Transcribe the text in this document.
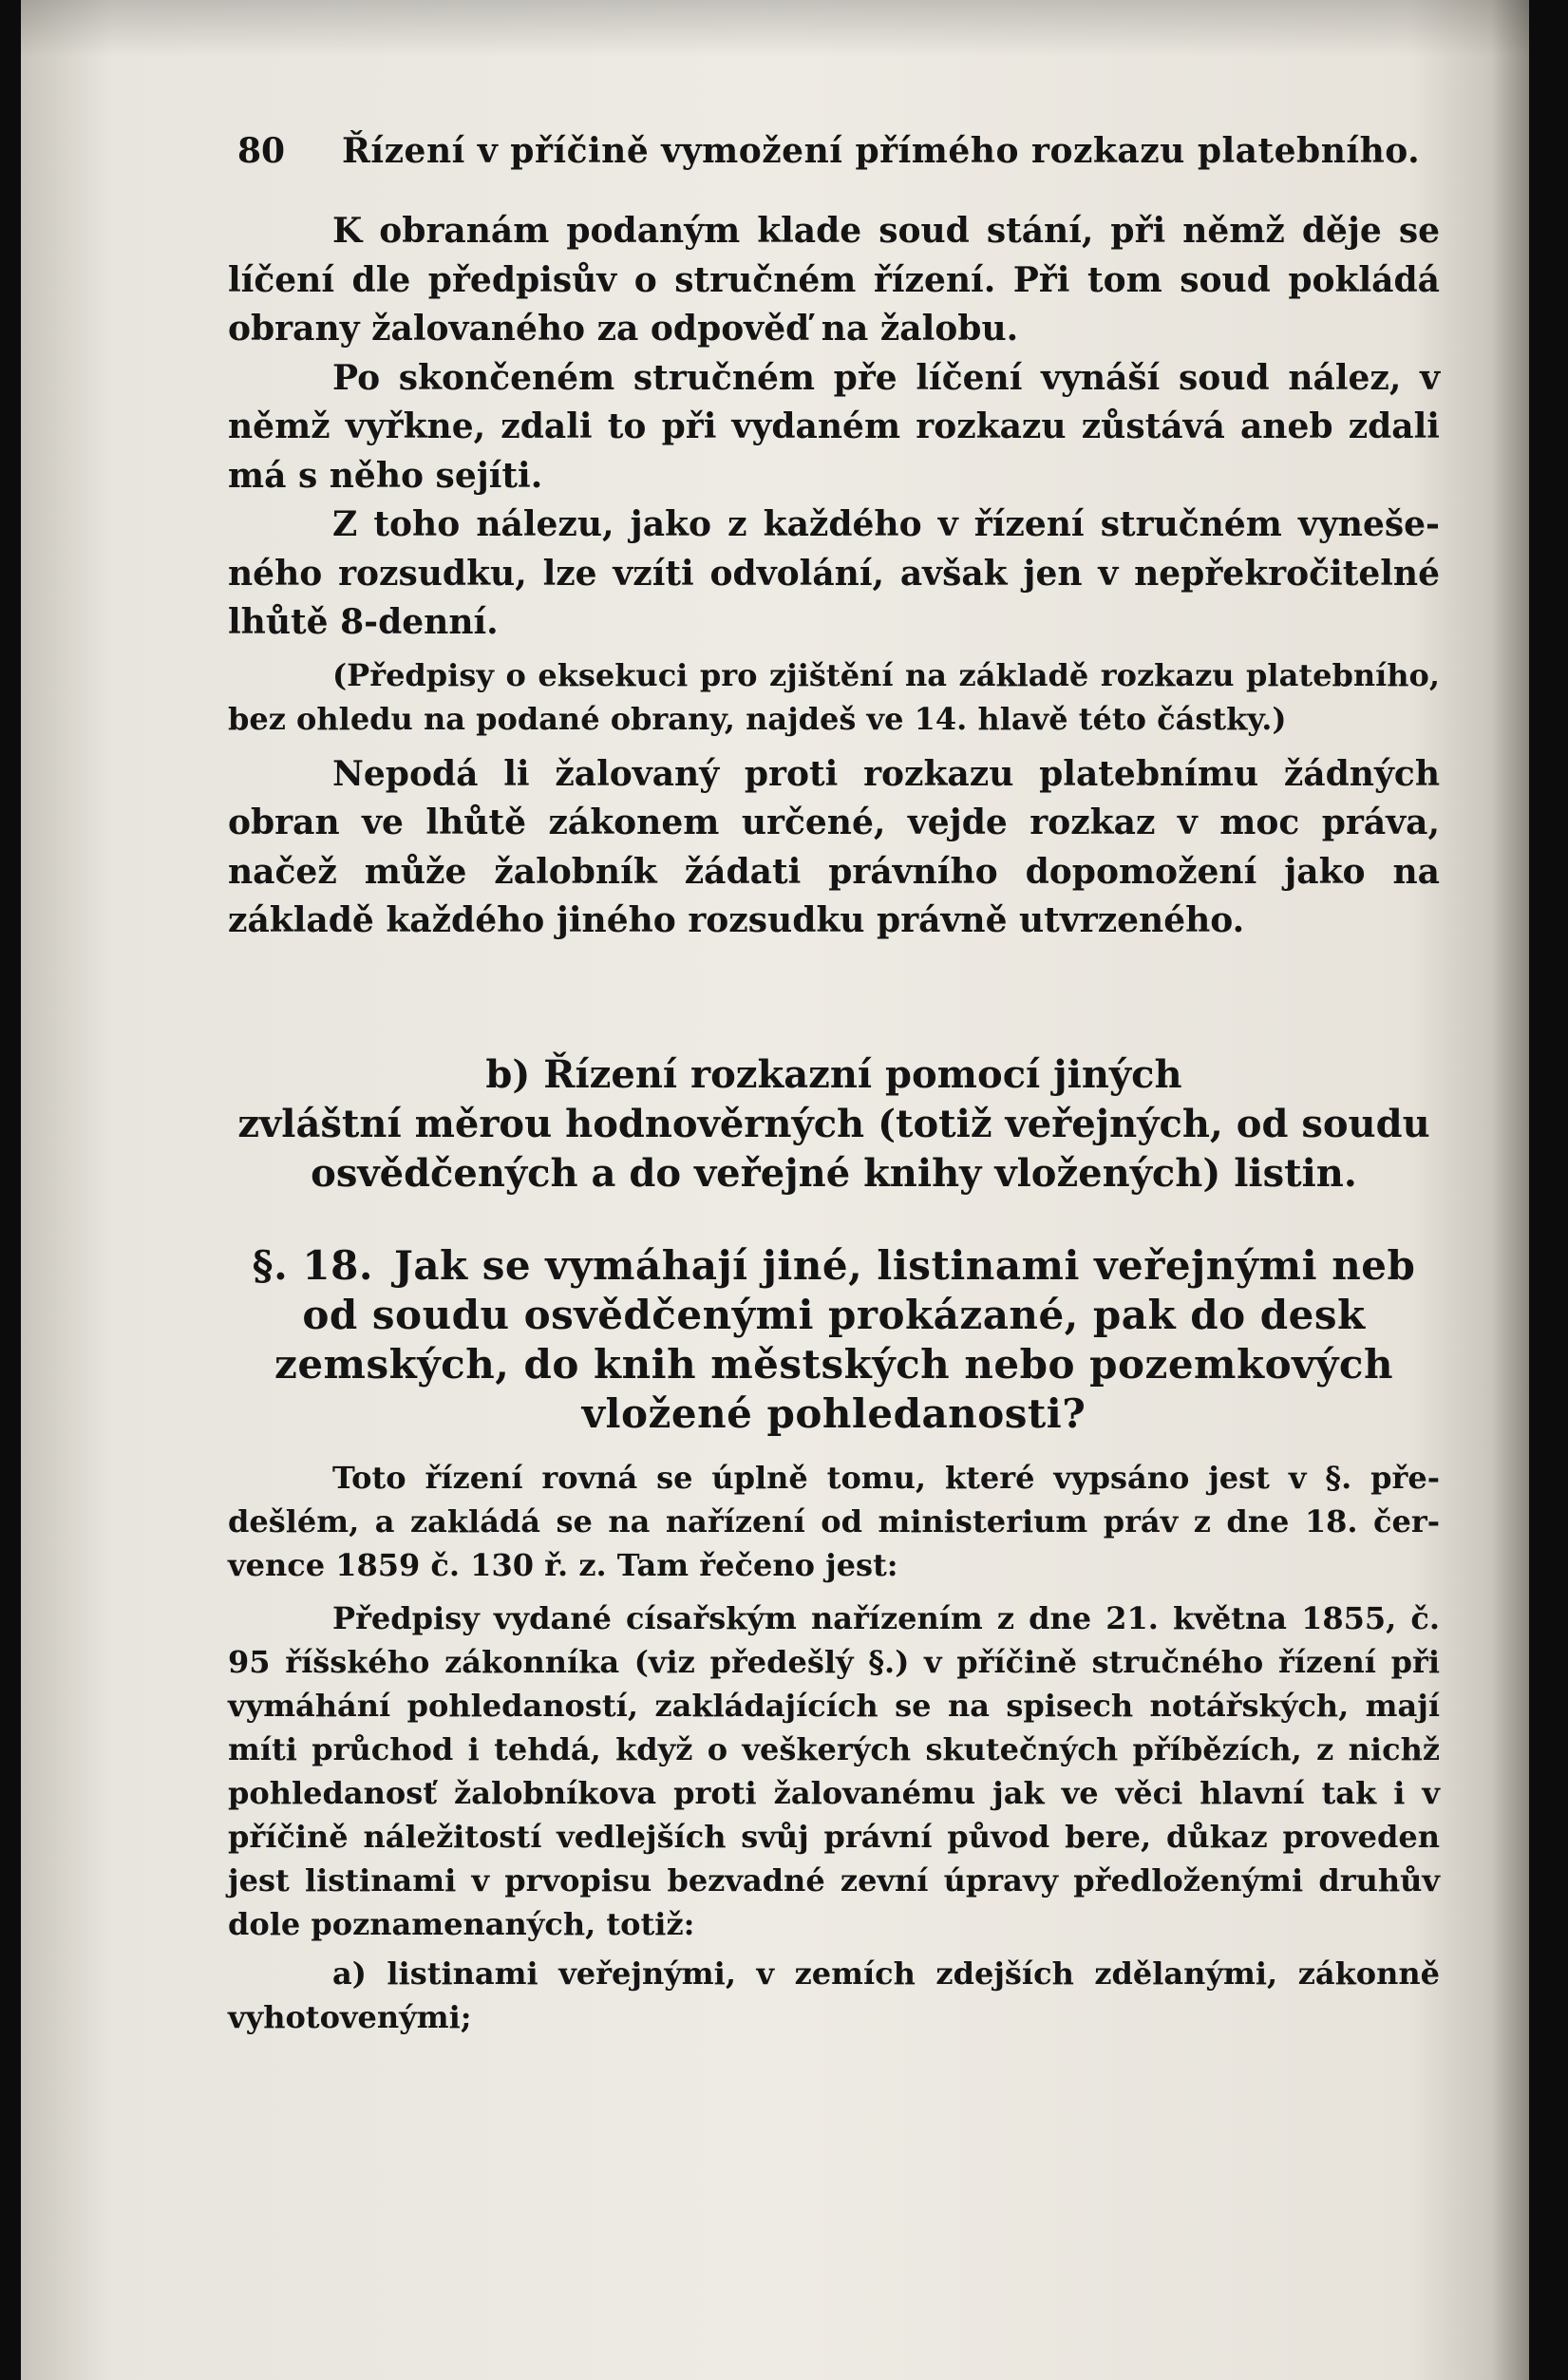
80	Řízení v příčině vymožení přímého rozkazu platebního.

K obranám podaným klade soud stání, při němž děje se líčení dle předpisův o stručném řízení. Při tom soud pokládá obrany žalovaného za odpověď na žalobu.

Po skončeném stručném pře líčení vynáší soud nález, v němž vyřkne, zdali to při vydaném rozkazu zůstává aneb zdali má s něho sejíti.

Z toho nálezu, jako z každého v řízení stručném vynešeného rozsudku, lze vzíti odvolání, avšak jen v nepřekročitelné lhůtě 8-denní.

(Předpisy o eksekuci pro zjištění na základě rozkazu platebního, bez ohledu na podané obrany, najdeš ve 14. hlavě této částky.)

Nepodá li žalovaný proti rozkazu platebnímu žádných obran ve lhůtě zákonem určené, vejde rozkaz v moc práva, načež může žalobník žádati právního dopomožení jako na základě každého jiného rozsudku právně utvrzeného.

b) Řízení rozkazní pomocí jiných
zvláštní měrou hodnověrných (totiž veřejných, od soudu
osvědčených a do veřejné knihy vložených) listin.
§. 18. Jak se vymáhají jiné, listinami veřejnými neb od soudu osvědčenými prokázané, pak do desk zemských, do knih městských nebo pozemkových vložené pohledanosti?

Toto řízení rovná se úplně tomu, které vypsáno jest v §. předešlém, a zakládá se na nařízení od ministerium práv z dne 18. července 1859 č. 130 ř. z. Tam řečeno jest:

Předpisy vydané císařským nařízením z dne 21. května 1855, č. 95 říšského zákonníka (viz předešlý §.) v příčině stručného řízení při vymáhání pohledaností, zakládajících se na spisech notářských, mají míti průchod i tehdá, když o veškerých skutečných příbězích, z nichž pohledanosť žalobníkova proti žalovanému jak ve věci hlavní tak i v příčině náležitostí vedlejších svůj právní původ bere, důkaz proveden jest listinami v prvopisu bezvadné zevní úpravy předloženými druhův dole poznamenaných, totiž:

a) listinami veřejnými, v zemích zdejších zdělanými, zákonně vyhotovenými;
